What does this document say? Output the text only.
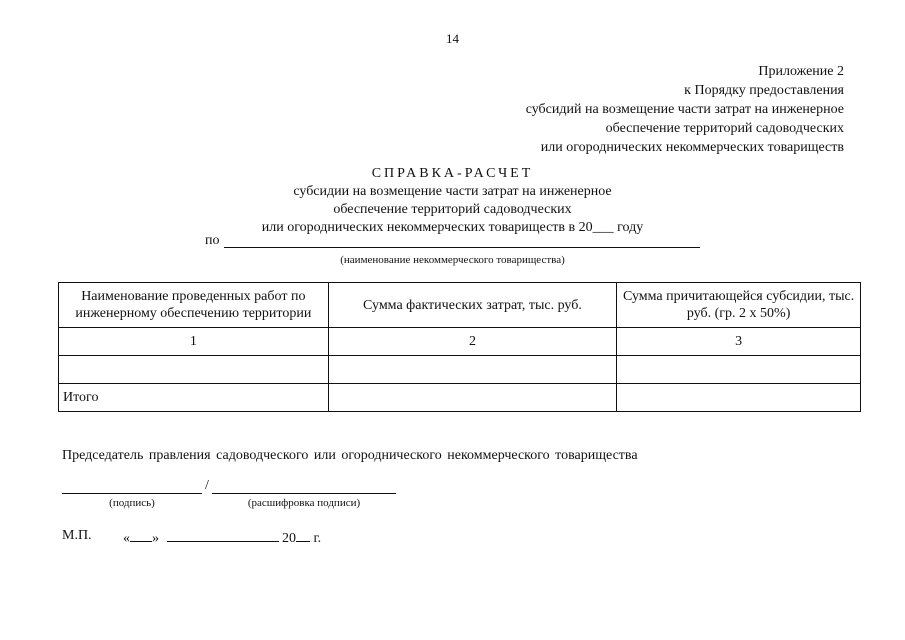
14
Приложение 2
к Порядку предоставления
субсидий на возмещение части затрат на инженерное
обеспечение территорий садоводческих
или огороднических некоммерческих товариществ
СПРАВКА-РАСЧЕТ
субсидии на возмещение части затрат на инженерное
обеспечение территорий садоводческих
или огороднических некоммерческих товариществ в 20___ году
по
(наименование некоммерческого товарищества)
Наименование проведенных работ по инженерному обеспечению территории	Сумма фактических затрат, тыс. руб.	Сумма причитающейся субсидии, тыс. руб. (гр. 2 х 50%)
1	2	3

Итого		
Председатель правления садоводческого или огороднического некоммерческого товарищества
/
(подпись)	(расшифровка подписи)
М.П. « »	20 г.
